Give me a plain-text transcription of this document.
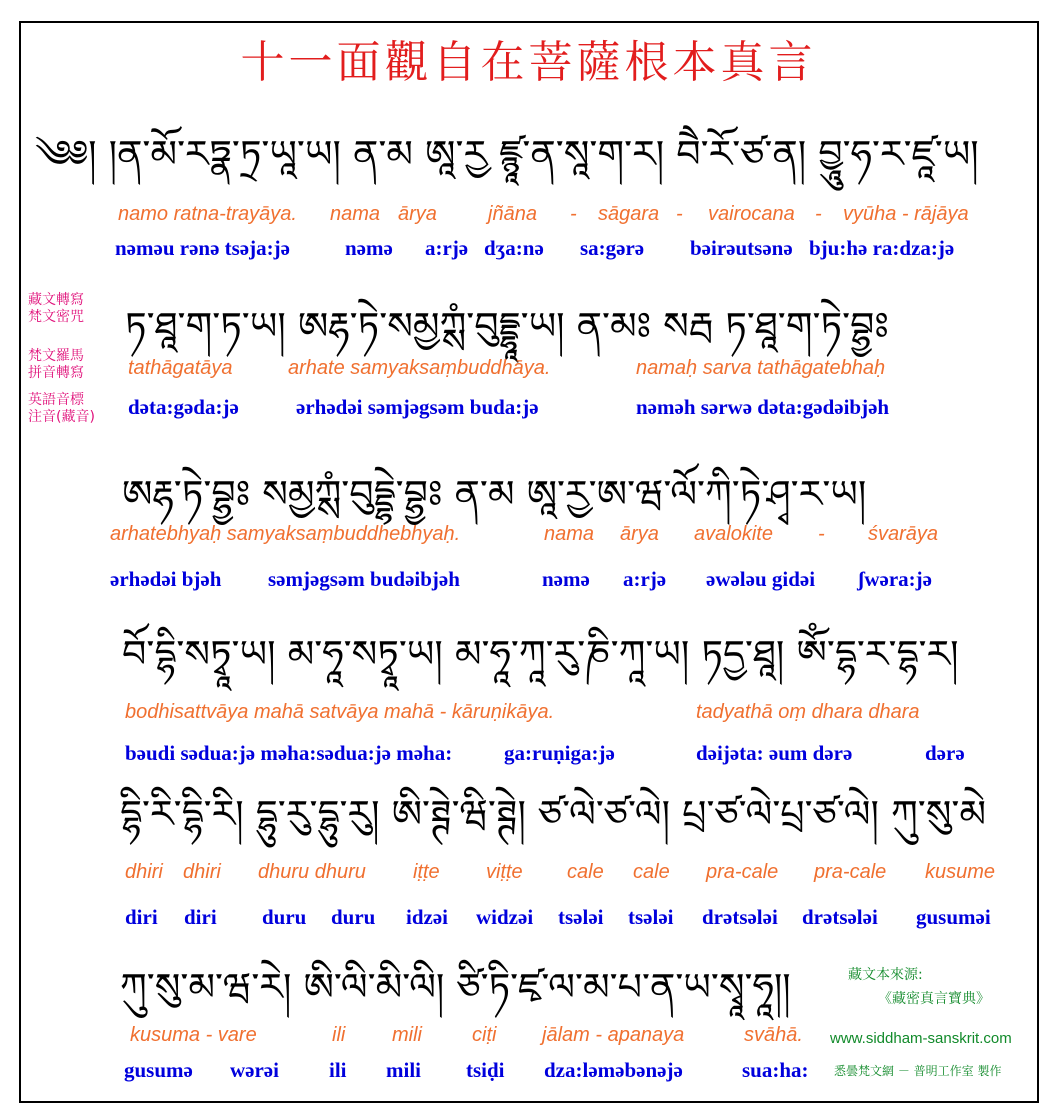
十一面觀自在菩薩根本真言
༄༅། །ན་མོ་རཏྣ་ཏྲ་ཡཱ་ཡ། ན་མ ཨཱ་རྱ ཛྙཱ་ན་སཱ་ག་ར། བཻ་རོ་ཙ་ན། བྱཱུ་ཧ་ར་ཛཱ་ཡ།
ཏ་ཐཱ་ག་ཏ་ཡ། ཨརྷ་ཏེ་སམྱཀྶཾ་བུདྡྷཱ་ཡ། ན་མཿ སརྦ ཏ་ཐཱ་ག་ཏེ་བྷྱཿ
ཨརྷ་ཏེ་བྷྱཿ སམྱཀྶཾ་བུདྡྷེ་བྷྱཿ ན་མ ཨཱ་རྱ་ཨ་ཝ་ལོ་ཀི་ཏེ་ཤྭ་ར་ཡ།
བོ་དྷི་སཏྭཱ་ཡ། མ་ཧཱ་སཏྭཱ་ཡ། མ་ཧཱ་ཀཱ་རུ་ཎི་ཀཱ་ཡ། ཏདྱ་ཐཱ། ཨོཾ་དྷ་ར་དྷ་ར།
དྷི་རི་དྷི་རི། དྷུ་རུ་དྷུ་རུ། ཨི་ཊྚེ་ཝི་ཊྚེ། ཙ་ལེ་ཙ་ལེ། པྲ་ཙ་ལེ་པྲ་ཙ་ལེ། ཀུ་སུ་མེ
ཀུ་སུ་མ་ཝ་རེ། ཨི་ལི་མི་ལི། ཙི་ཏི་ཛྭ་ལ་མ་པ་ན་ཡ་སྭཱ་ཧཱ།།
藏文轉寫
梵文密咒
梵文羅馬
拼音轉寫
英語音標
注音(藏音)
namo ratna-trayāya. nama ārya	jñāna - sāgara - vairocana - vyūha - rājāya
nəməu rənə tsəja:jə	nəmə a:rjə dʒa:nə sa:gərə bəirəutsənə bju:hə ra:dza:jə
tathāgatāya	arhate samyaksaṃbuddhāya.	namaḥ sarva tathāgatebhaḥ
dəta:gəda:jə	ərhədəi səmjəgsəm buda:jə	nəməh sərwə dəta:gədəibjəh
arhatebhyaḥ samyaksaṃbuddhebhyaḥ.	nama ārya avalokite - śvarāya
ərhədəi bjəh səmjəgsəm budəibjəh	nəmə a:rjə əwələu gidəi ʃwəra:jə
bodhisattvāya mahā satvāya mahā - kāruṇikāya.	tadyathā oṃ dhara dhara
bəudi sədua:jə məha:sədua:jə məha: ga:ruṇiga:jə	dəijəta: əum dərə	dərə
dhiri dhiri dhuru dhuru iṭṭe viṭṭe cale cale pra-cale pra-cale kusume
diri diri duru duru idzəi widzəi tsələi tsələi drətsələi drətsələi gusuməi
kusuma - vare	ili mili	ciṭi jālam - apanaya	svāhā.
gusumə wərəi ili mili tsiḍi dza:ləməbənəjə	sua:ha:
藏文本來源:
《藏密真言寶典》
www.siddham-sanskrit.com
悉曇梵文網 － 普明工作室 製作
